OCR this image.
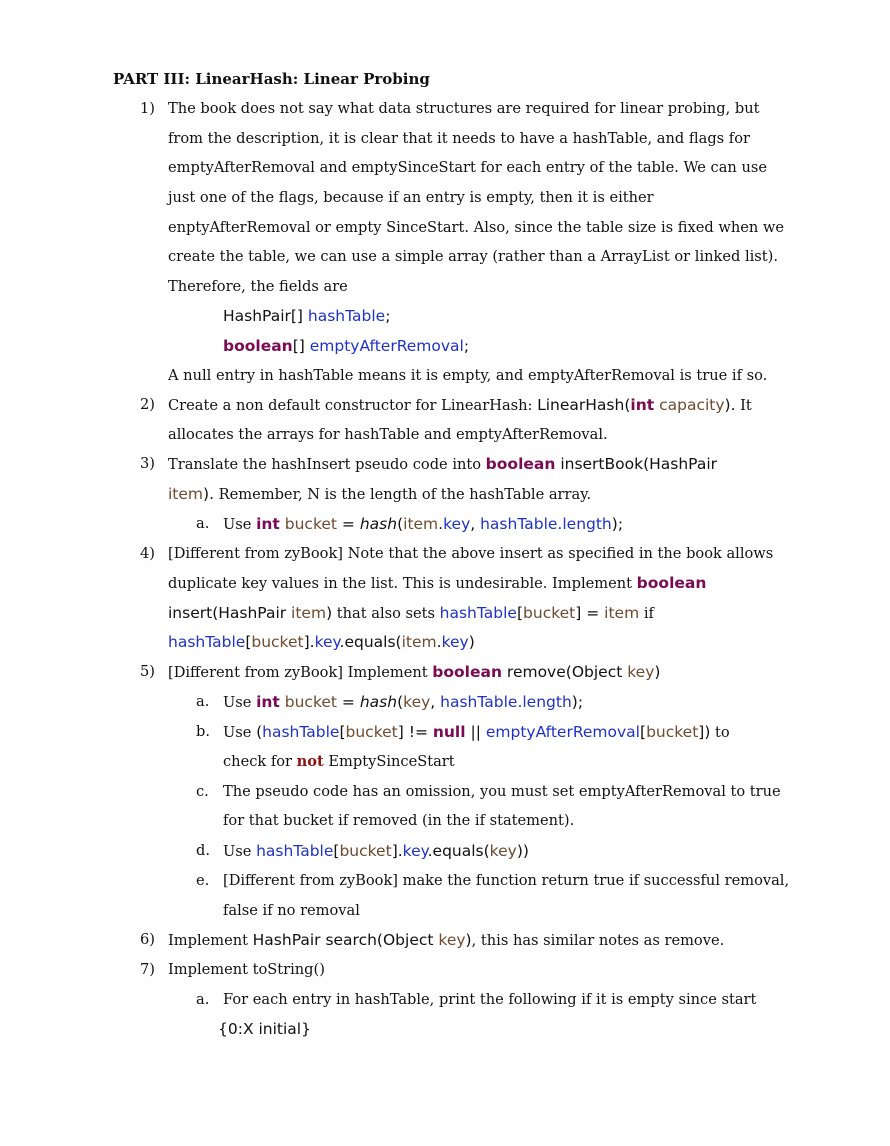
PART III: LinearHash: Linear Probing
1) The book does not say what data structures are required for linear probing, but
from the description, it is clear that it needs to have a hashTable, and flags for
emptyAfterRemoval and emptySinceStart for each entry of the table. We can use
just one of the flags, because if an entry is empty, then it is either
enptyAfterRemoval or empty SinceStart. Also, since the table size is fixed when we
create the table, we can use a simple array (rather than a ArrayList or linked list).
Therefore, the fields are
HashPair[] hashTable;
boolean[] emptyAfterRemoval;
A null entry in hashTable means it is empty, and emptyAfterRemoval is true if so.
2) Create a non default constructor for LinearHash: LinearHash(int capacity). It
allocates the arrays for hashTable and emptyAfterRemoval.
3) Translate the hashInsert pseudo code into boolean insertBook(HashPair
item). Remember, N is the length of the hashTable array.
a. Use int bucket = hash(item.key, hashTable.length);
4) [Different from zyBook] Note that the above insert as specified in the book allows
duplicate key values in the list. This is undesirable. Implement boolean
insert(HashPair item) that also sets hashTable[bucket] = item if
hashTable[bucket].key.equals(item.key)
5) [Different from zyBook] Implement boolean remove(Object key)
a. Use int bucket = hash(key, hashTable.length);
b. Use (hashTable[bucket] != null || emptyAfterRemoval[bucket]) to
check for not EmptySinceStart
c. The pseudo code has an omission, you must set emptyAfterRemoval to true
for that bucket if removed (in the if statement).
d. Use hashTable[bucket].key.equals(key))
e. [Different from zyBook] make the function return true if successful removal,
false if no removal
6) Implement HashPair search(Object key), this has similar notes as remove.
7) Implement toString()
a. For each entry in hashTable, print the following if it is empty since start
{0:X initial}
